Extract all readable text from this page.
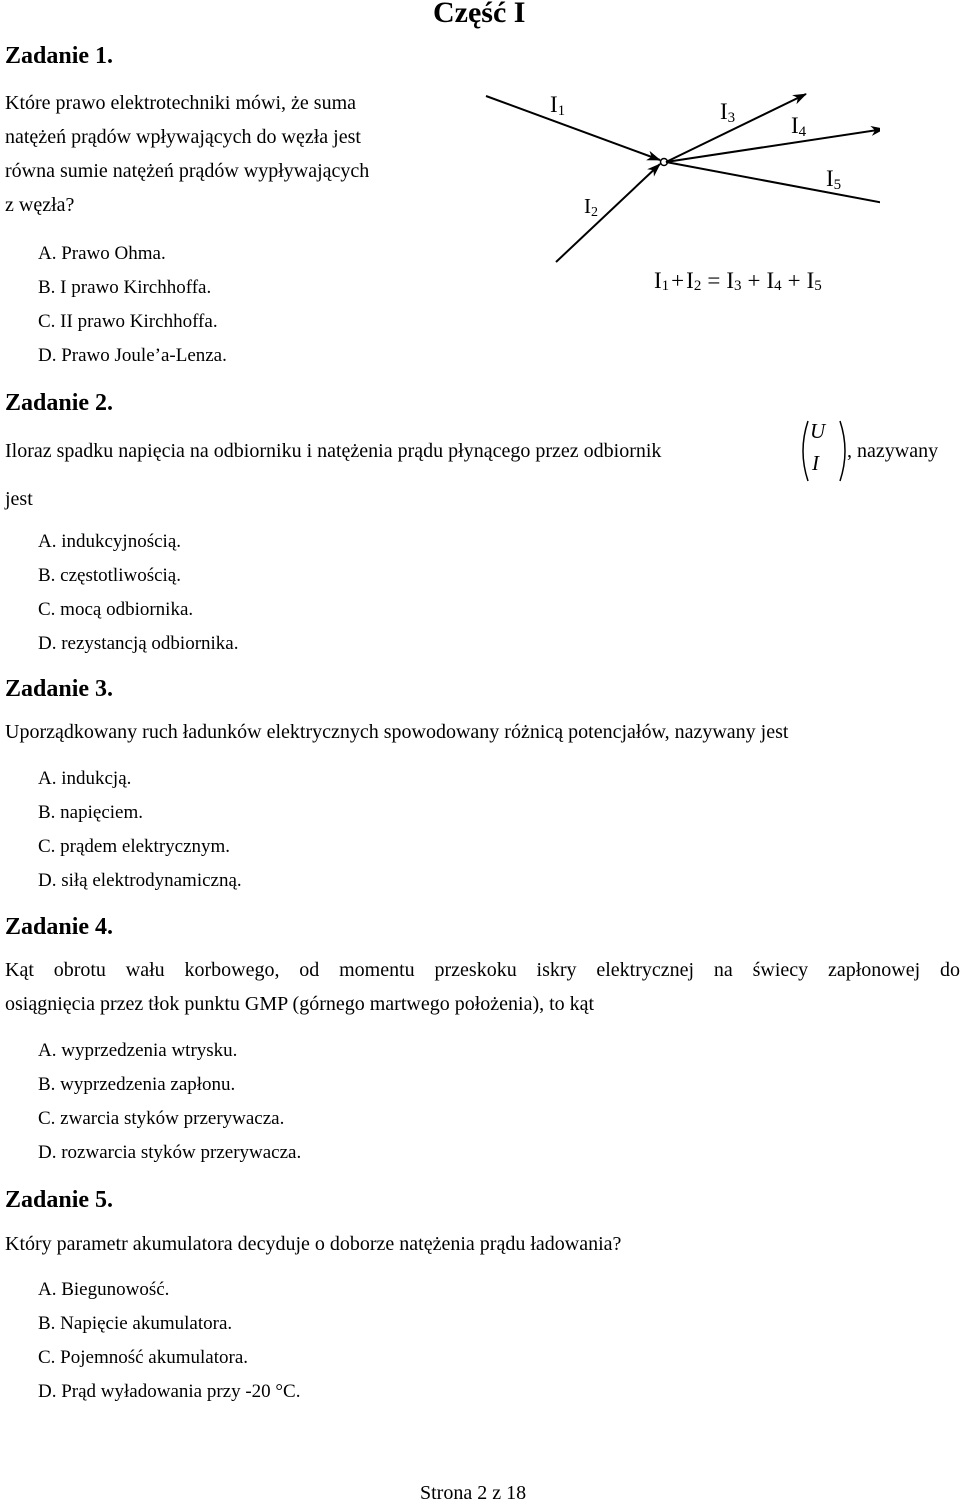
Część I
Zadanie 1.
Które prawo elektrotechniki mówi, że suma
natężeń prądów wpływających do węzła jest
równa sumie natężeń prądów wypływających
z węzła?
A. Prawo Ohma.
B. I prawo Kirchhoffa.
C. II prawo Kirchhoffa.
D. Prawo Joule’a-Lenza.
I1
I2
I3 I4
I5
I1+I2 = I3 + I4 + I5
Zadanie 2.
Iloraz spadku napięcia na odbiorniku i natężenia prądu płynącego przez odbiornik
U
I , nazywany
jest
A. indukcyjnością.
B. częstotliwością.
C. mocą odbiornika.
D. rezystancją odbiornika.
Zadanie 3.
Uporządkowany ruch ładunków elektrycznych spowodowany różnicą potencjałów, nazywany jest
A. indukcją.
B. napięciem.
C. prądem elektrycznym.
D. siłą elektrodynamiczną.
Zadanie 4.
Kąt obrotu wału korbowego, od momentu przeskoku iskry elektrycznej na świecy zapłonowej do
osiągnięcia przez tłok punktu GMP (górnego martwego położenia), to kąt
A. wyprzedzenia wtrysku.
B. wyprzedzenia zapłonu.
C. zwarcia styków przerywacza.
D. rozwarcia styków przerywacza.
Zadanie 5.
Który parametr akumulatora decyduje o doborze natężenia prądu ładowania?
A. Biegunowość.
B. Napięcie akumulatora.
C. Pojemność akumulatora.
D. Prąd wyładowania przy -20 °C.
Strona 2 z 18
